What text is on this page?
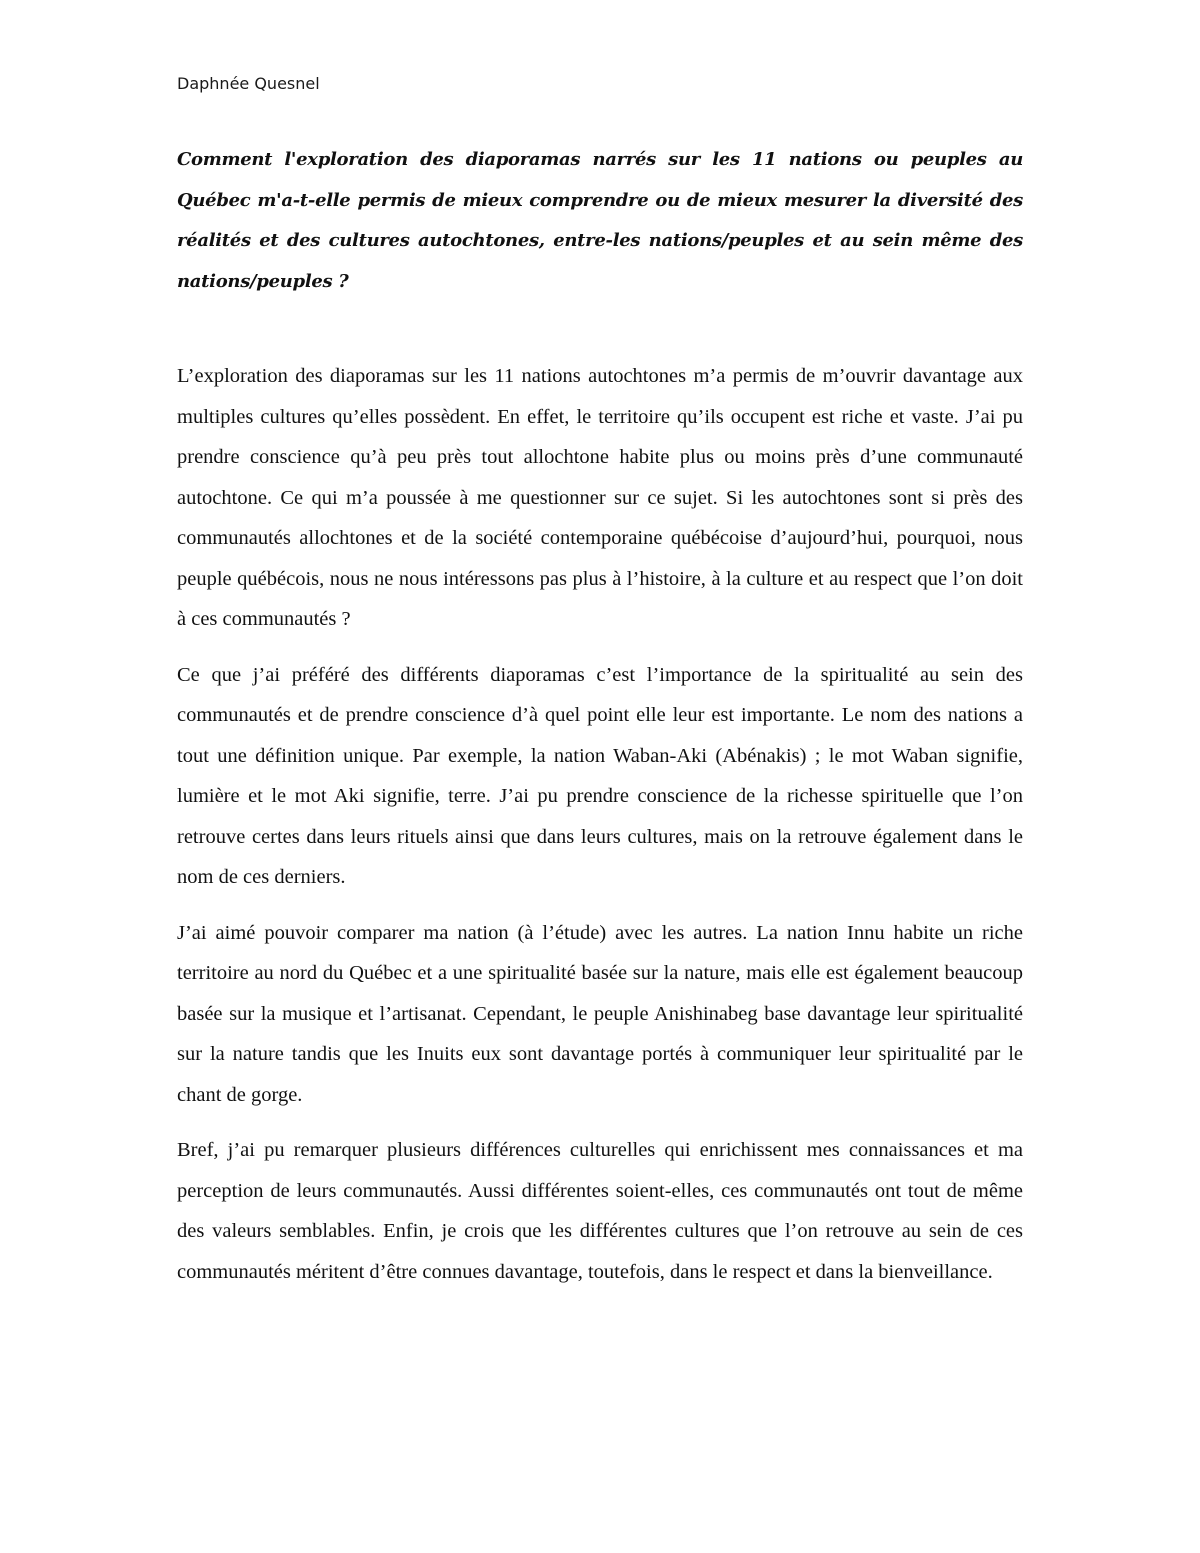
Daphnée Quesnel

Comment l'exploration des diaporamas narrés sur les 11 nations ou peuples au Québec m'a-t-elle permis de mieux comprendre ou de mieux mesurer la diversité des réalités et des cultures autochtones, entre-les nations/peuples et au sein même des nations/peuples ?

L’exploration des diaporamas sur les 11 nations autochtones m’a permis de m’ouvrir davantage aux multiples cultures qu’elles possèdent. En effet, le territoire qu’ils occupent est riche et vaste. J’ai pu prendre conscience qu’à peu près tout allochtone habite plus ou moins près d’une communauté autochtone. Ce qui m’a poussée à me questionner sur ce sujet. Si les autochtones sont si près des communautés allochtones et de la société contemporaine québécoise d’aujourd’hui, pourquoi, nous peuple québécois, nous ne nous intéressons pas plus à l’histoire, à la culture et au respect que l’on doit à ces communautés ?

Ce que j’ai préféré des différents diaporamas c’est l’importance de la spiritualité au sein des communautés et de prendre conscience d’à quel point elle leur est importante. Le nom des nations a tout une définition unique. Par exemple, la nation Waban-Aki (Abénakis) ; le mot Waban signifie, lumière et le mot Aki signifie, terre. J’ai pu prendre conscience de la richesse spirituelle que l’on retrouve certes dans leurs rituels ainsi que dans leurs cultures, mais on la retrouve également dans le nom de ces derniers.

J’ai aimé pouvoir comparer ma nation (à l’étude) avec les autres. La nation Innu habite un riche territoire au nord du Québec et a une spiritualité basée sur la nature, mais elle est également beaucoup basée sur la musique et l’artisanat. Cependant, le peuple Anishinabeg base davantage leur spiritualité sur la nature tandis que les Inuits eux sont davantage portés à communiquer leur spiritualité par le chant de gorge.

Bref, j’ai pu remarquer plusieurs différences culturelles qui enrichissent mes connaissances et ma perception de leurs communautés. Aussi différentes soient-elles, ces communautés ont tout de même des valeurs semblables. Enfin, je crois que les différentes cultures que l’on retrouve au sein de ces communautés méritent d’être connues davantage, toutefois, dans le respect et dans la bienveillance.
